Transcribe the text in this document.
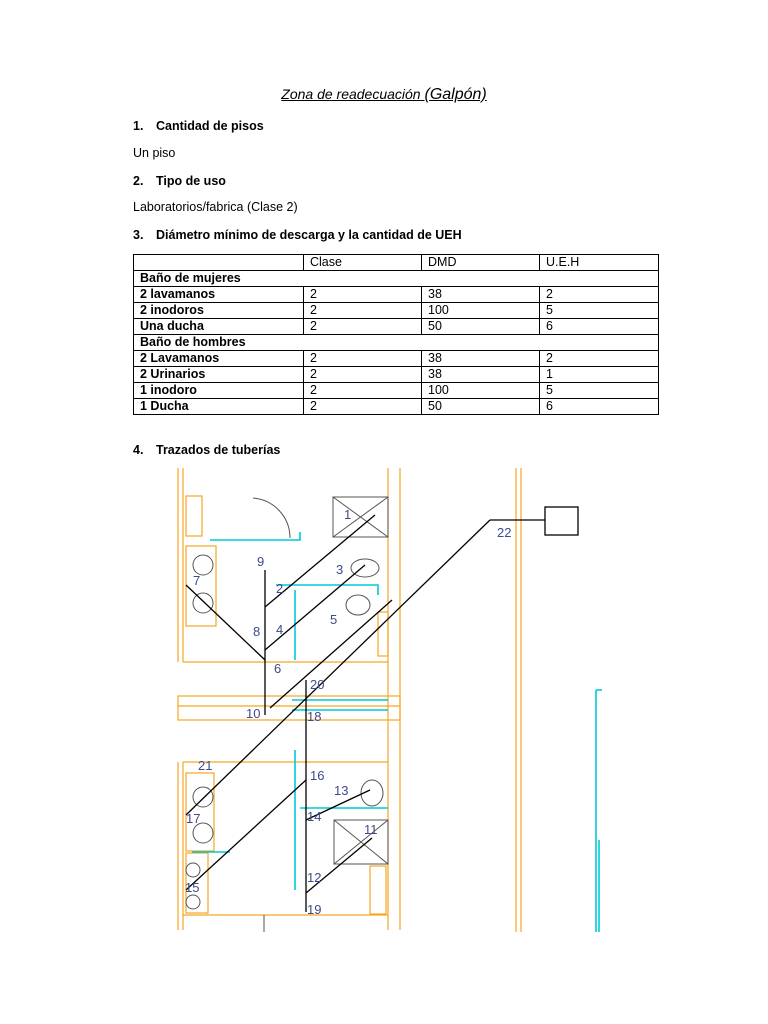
Zona de readecuación (Galpón)
1. Cantidad de pisos
Un piso
2. Tipo de uso
Laboratorios/fabrica (Clase 2)
3. Diámetro mínimo de descarga y la cantidad de UEH
	Clase	DMD	U.E.H
Baño de mujeres			
2 lavamanos	2	38	2
2 inodoros	2	100	5
Una ducha	2	50	6
Baño de hombres			
2 Lavamanos	2	38	2
2 Urinarios	2	38	1
1 inodoro	2	100	5
1 Ducha	2	50	6
4. Trazados de tuberías
1
2
3
4
5
6
7
8
9
10
11
12
13
14
15
16
17
18
19
20
21
22
